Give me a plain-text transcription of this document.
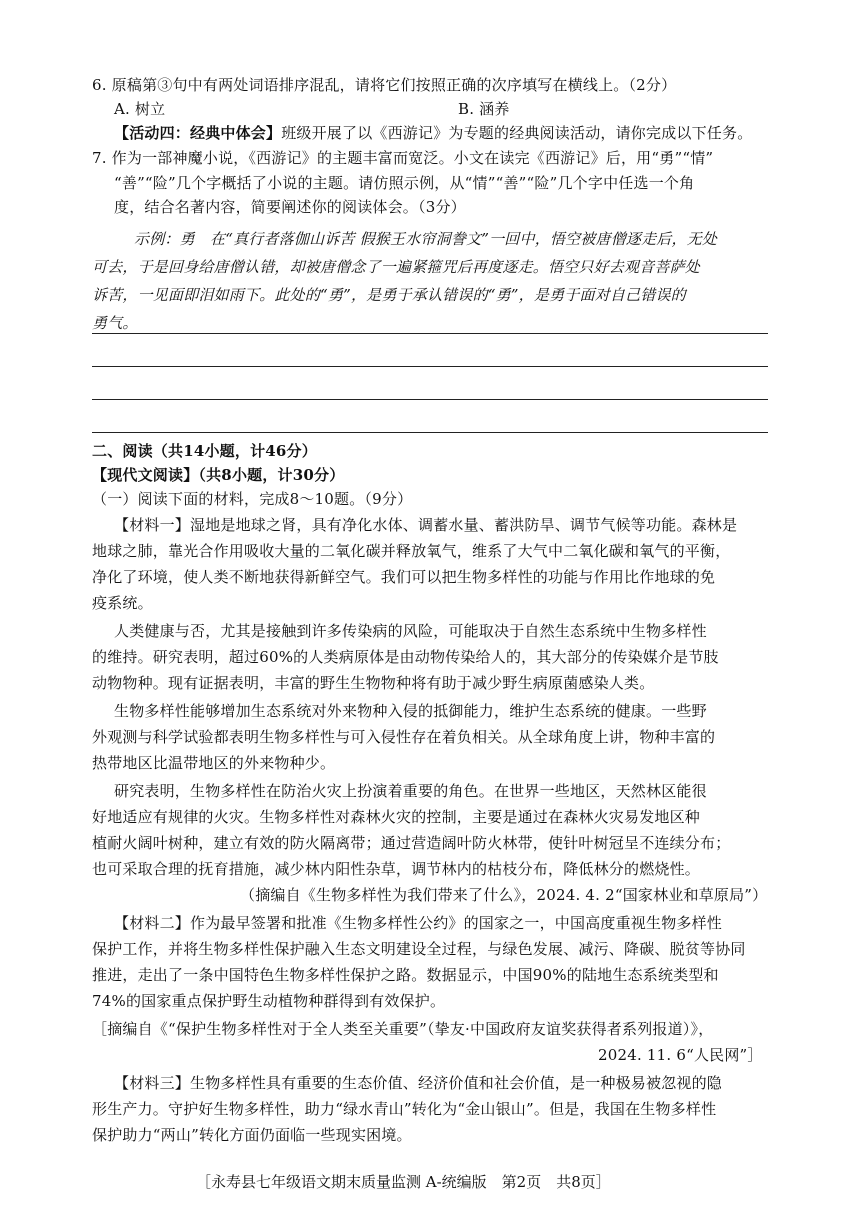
6. 原稿第③句中有两处词语排序混乱，请将它们按照正确的次序填写在横线上。（2分）
A. 树立	B. 涵养
【活动四：经典中体会】班级开展了以《西游记》为专题的经典阅读活动，请你完成以下任务。
7. 作为一部神魔小说，《西游记》的主题丰富而宽泛。小文在读完《西游记》后，用“勇”“情”
“善”“险”几个字概括了小说的主题。请仿照示例，从“情”“善”“险”几个字中任选一个角
度，结合名著内容，简要阐述你的阅读体会。（3分）
示例：勇　在“真行者落伽山诉苦 假猴王水帘洞誊文”一回中，悟空被唐僧逐走后，无处
可去，于是回身给唐僧认错，却被唐僧念了一遍紧箍咒后再度逐走。悟空只好去观音菩萨处
诉苦，一见面即泪如雨下。此处的“勇”，是勇于承认错误的“勇”，是勇于面对自己错误的
勇气。
二、阅读（共14小题，计46分）
【现代文阅读】（共8小题，计30分）
（一）阅读下面的材料，完成8～10题。（9分）
【材料一】湿地是地球之肾，具有净化水体、调蓄水量、蓄洪防旱、调节气候等功能。森林是
地球之肺，靠光合作用吸收大量的二氧化碳并释放氧气，维系了大气中二氧化碳和氧气的平衡，
净化了环境，使人类不断地获得新鲜空气。我们可以把生物多样性的功能与作用比作地球的免
疫系统。
人类健康与否，尤其是接触到许多传染病的风险，可能取决于自然生态系统中生物多样性
的维持。研究表明，超过60%的人类病原体是由动物传染给人的，其大部分的传染媒介是节肢
动物物种。现有证据表明，丰富的野生生物物种将有助于减少野生病原菌感染人类。
生物多样性能够增加生态系统对外来物种入侵的抵御能力，维护生态系统的健康。一些野
外观测与科学试验都表明生物多样性与可入侵性存在着负相关。从全球角度上讲，物种丰富的
热带地区比温带地区的外来物种少。
研究表明，生物多样性在防治火灾上扮演着重要的角色。在世界一些地区，天然林区能很
好地适应有规律的火灾。生物多样性对森林火灾的控制，主要是通过在森林火灾易发地区种
植耐火阔叶树种，建立有效的防火隔离带；通过营造阔叶防火林带，使针叶树冠呈不连续分布；
也可采取合理的抚育措施，减少林内阳性杂草，调节林内的枯枝分布，降低林分的燃烧性。
（摘编自《生物多样性为我们带来了什么》，2024. 4. 2“国家林业和草原局”）
【材料二】作为最早签署和批准《生物多样性公约》的国家之一，中国高度重视生物多样性
保护工作，并将生物多样性保护融入生态文明建设全过程，与绿色发展、减污、降碳、脱贫等协同
推进，走出了一条中国特色生物多样性保护之路。数据显示，中国90%的陆地生态系统类型和
74%的国家重点保护野生动植物种群得到有效保护。
［摘编自《“保护生物多样性对于全人类至关重要”（挚友·中国政府友谊奖获得者系列报道）》，
2024. 11. 6“人民网”］
【材料三】生物多样性具有重要的生态价值、经济价值和社会价值，是一种极易被忽视的隐
形生产力。守护好生物多样性，助力“绿水青山”转化为“金山银山”。但是，我国在生物多样性
保护助力“两山”转化方面仍面临一些现实困境。
［永寿县七年级语文期末质量监测 A-统编版　第2页　共8页］
